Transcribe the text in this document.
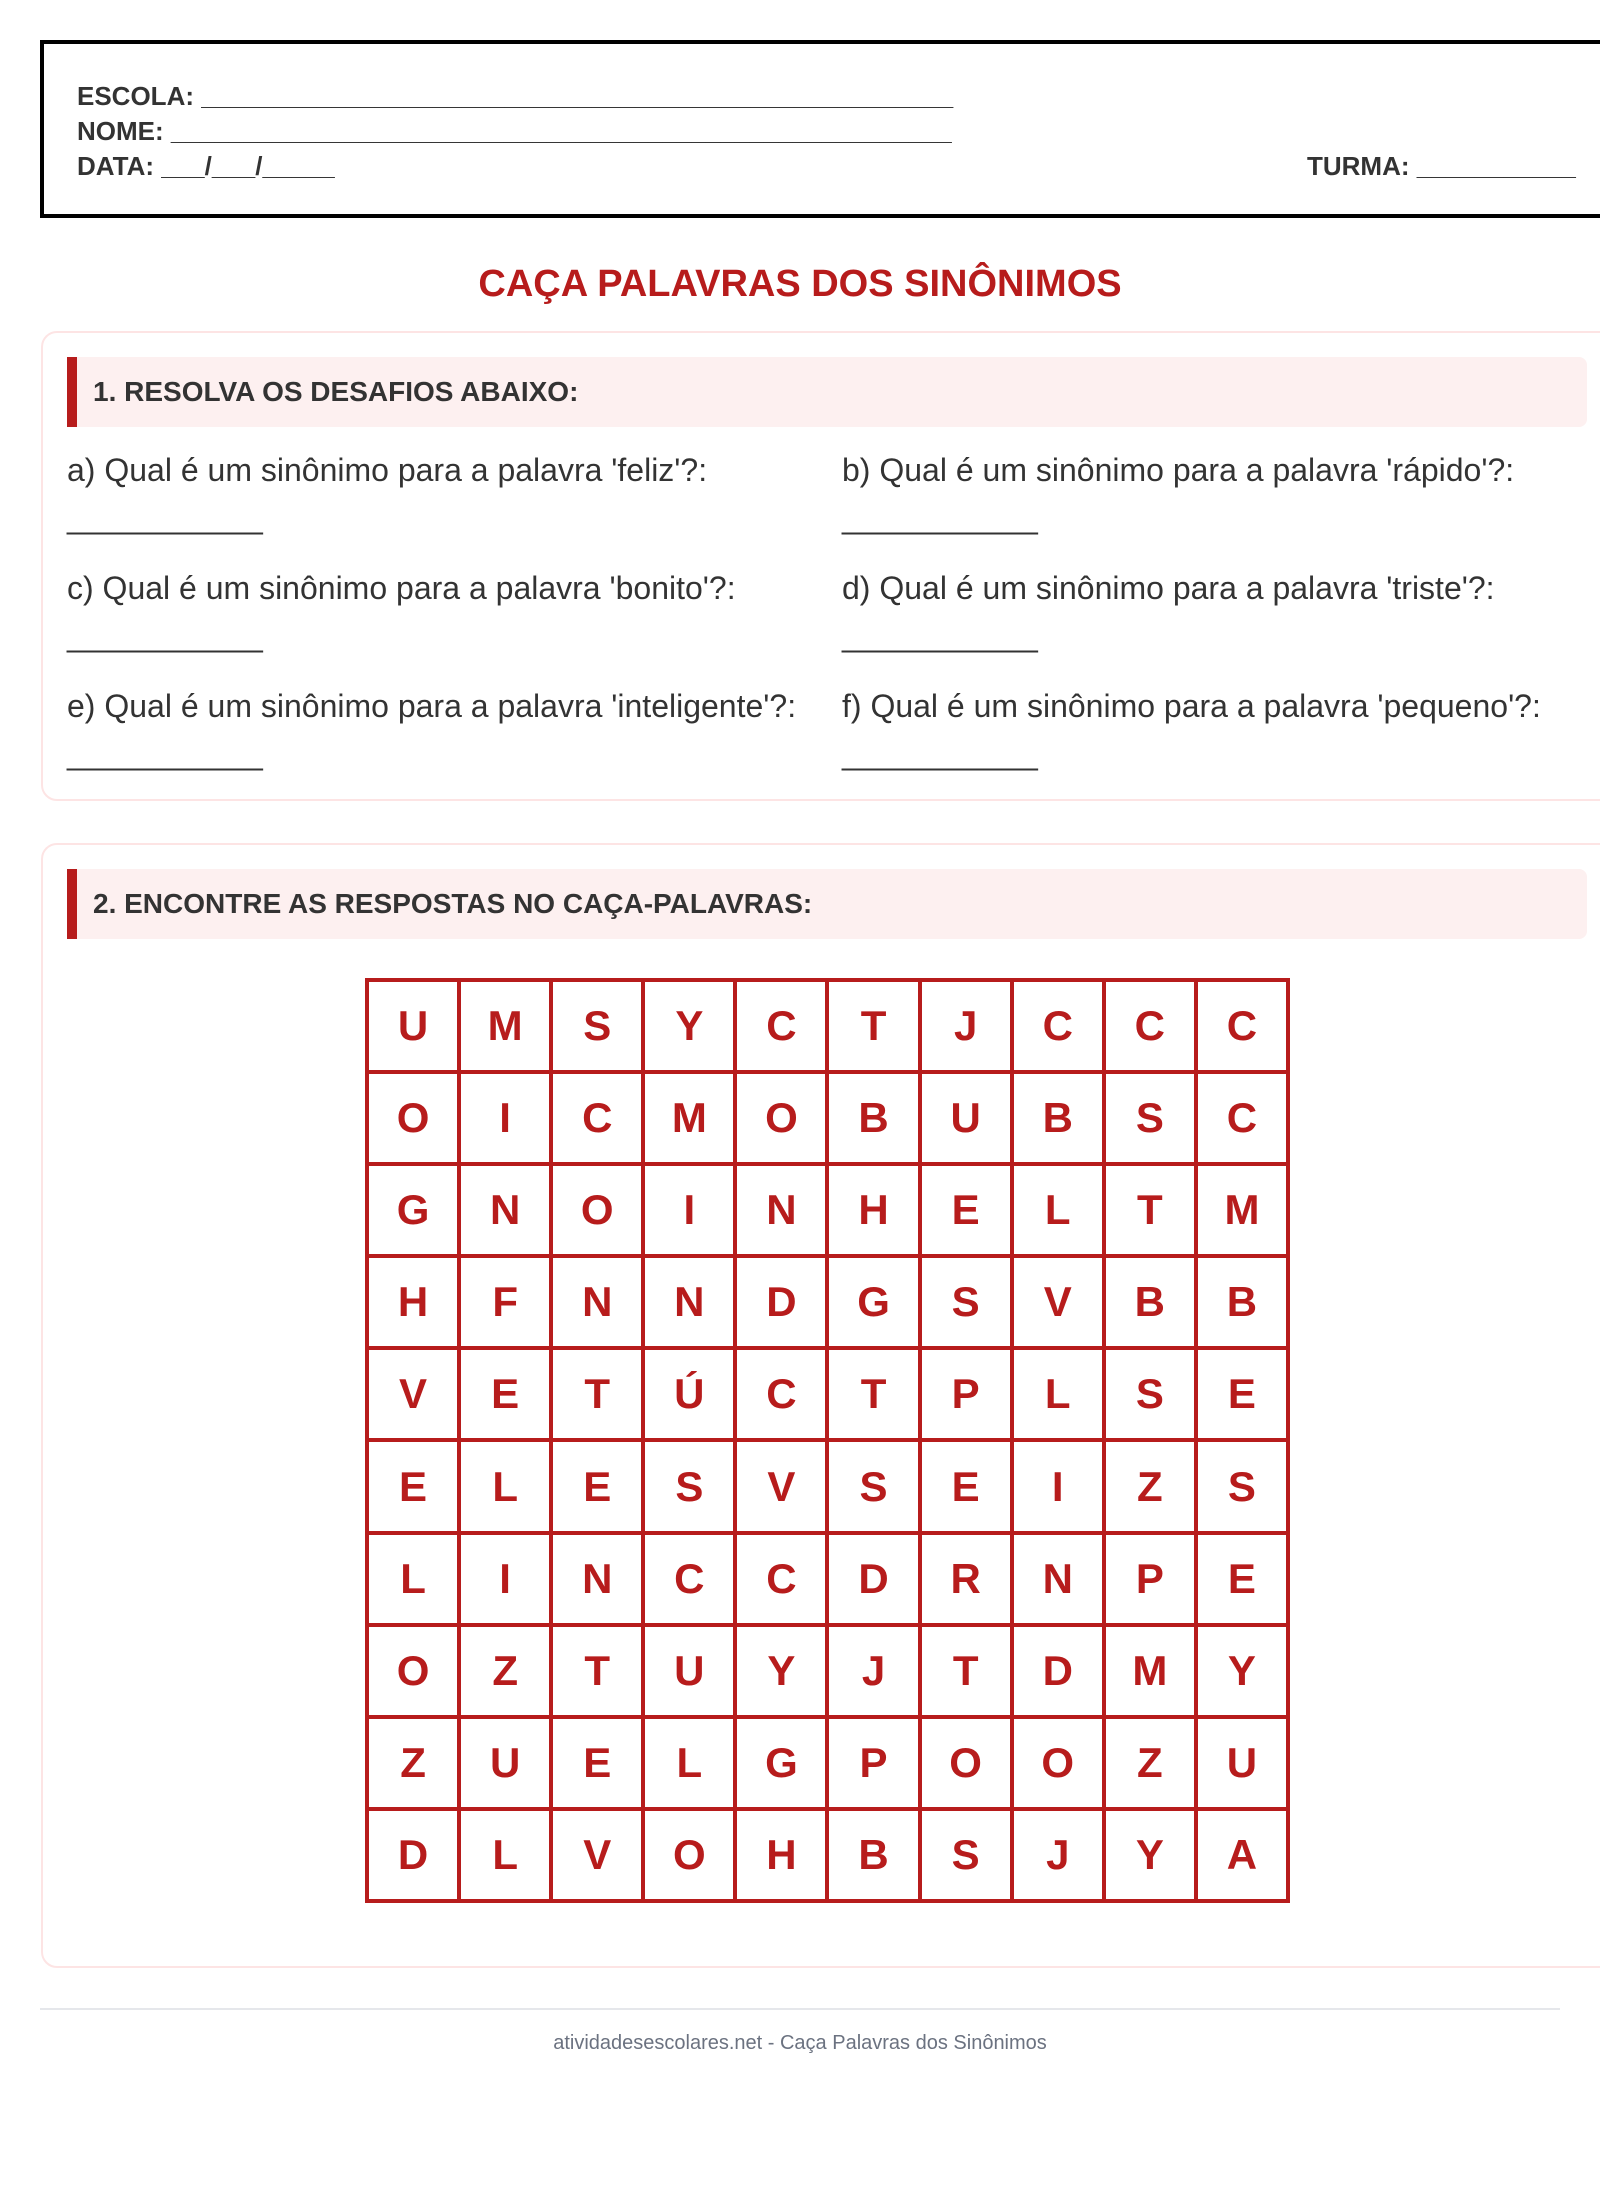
ESCOLA: ____________________________________________________
NOME: ______________________________________________________
DATA: ___/___/_____	TURMA: ___________
CAÇA PALAVRAS DOS SINÔNIMOS
1. RESOLVA OS DESAFIOS ABAIXO:
a) Qual é um sinônimo para a palavra 'feliz'?: ___________
b) Qual é um sinônimo para a palavra 'rápido'?: ___________
c) Qual é um sinônimo para a palavra 'bonito'?: ___________
d) Qual é um sinônimo para a palavra 'triste'?: ___________
e) Qual é um sinônimo para a palavra 'inteligente'?: ___________
f) Qual é um sinônimo para a palavra 'pequeno'?: ___________
2. ENCONTRE AS RESPOSTAS NO CAÇA-PALAVRAS:
U	M	S	Y	C	T	J	C	C	C
O	I	C	M	O	B	U	B	S	C
G	N	O	I	N	H	E	L	T	M
H	F	N	N	D	G	S	V	B	B
V	E	T	Ú	C	T	P	L	S	E
E	L	E	S	V	S	E	I	Z	S
L	I	N	C	C	D	R	N	P	E
O	Z	T	U	Y	J	T	D	M	Y
Z	U	E	L	G	P	O	O	Z	U
D	L	V	O	H	B	S	J	Y	A
atividadesescolares.net - Caça Palavras dos Sinônimos
